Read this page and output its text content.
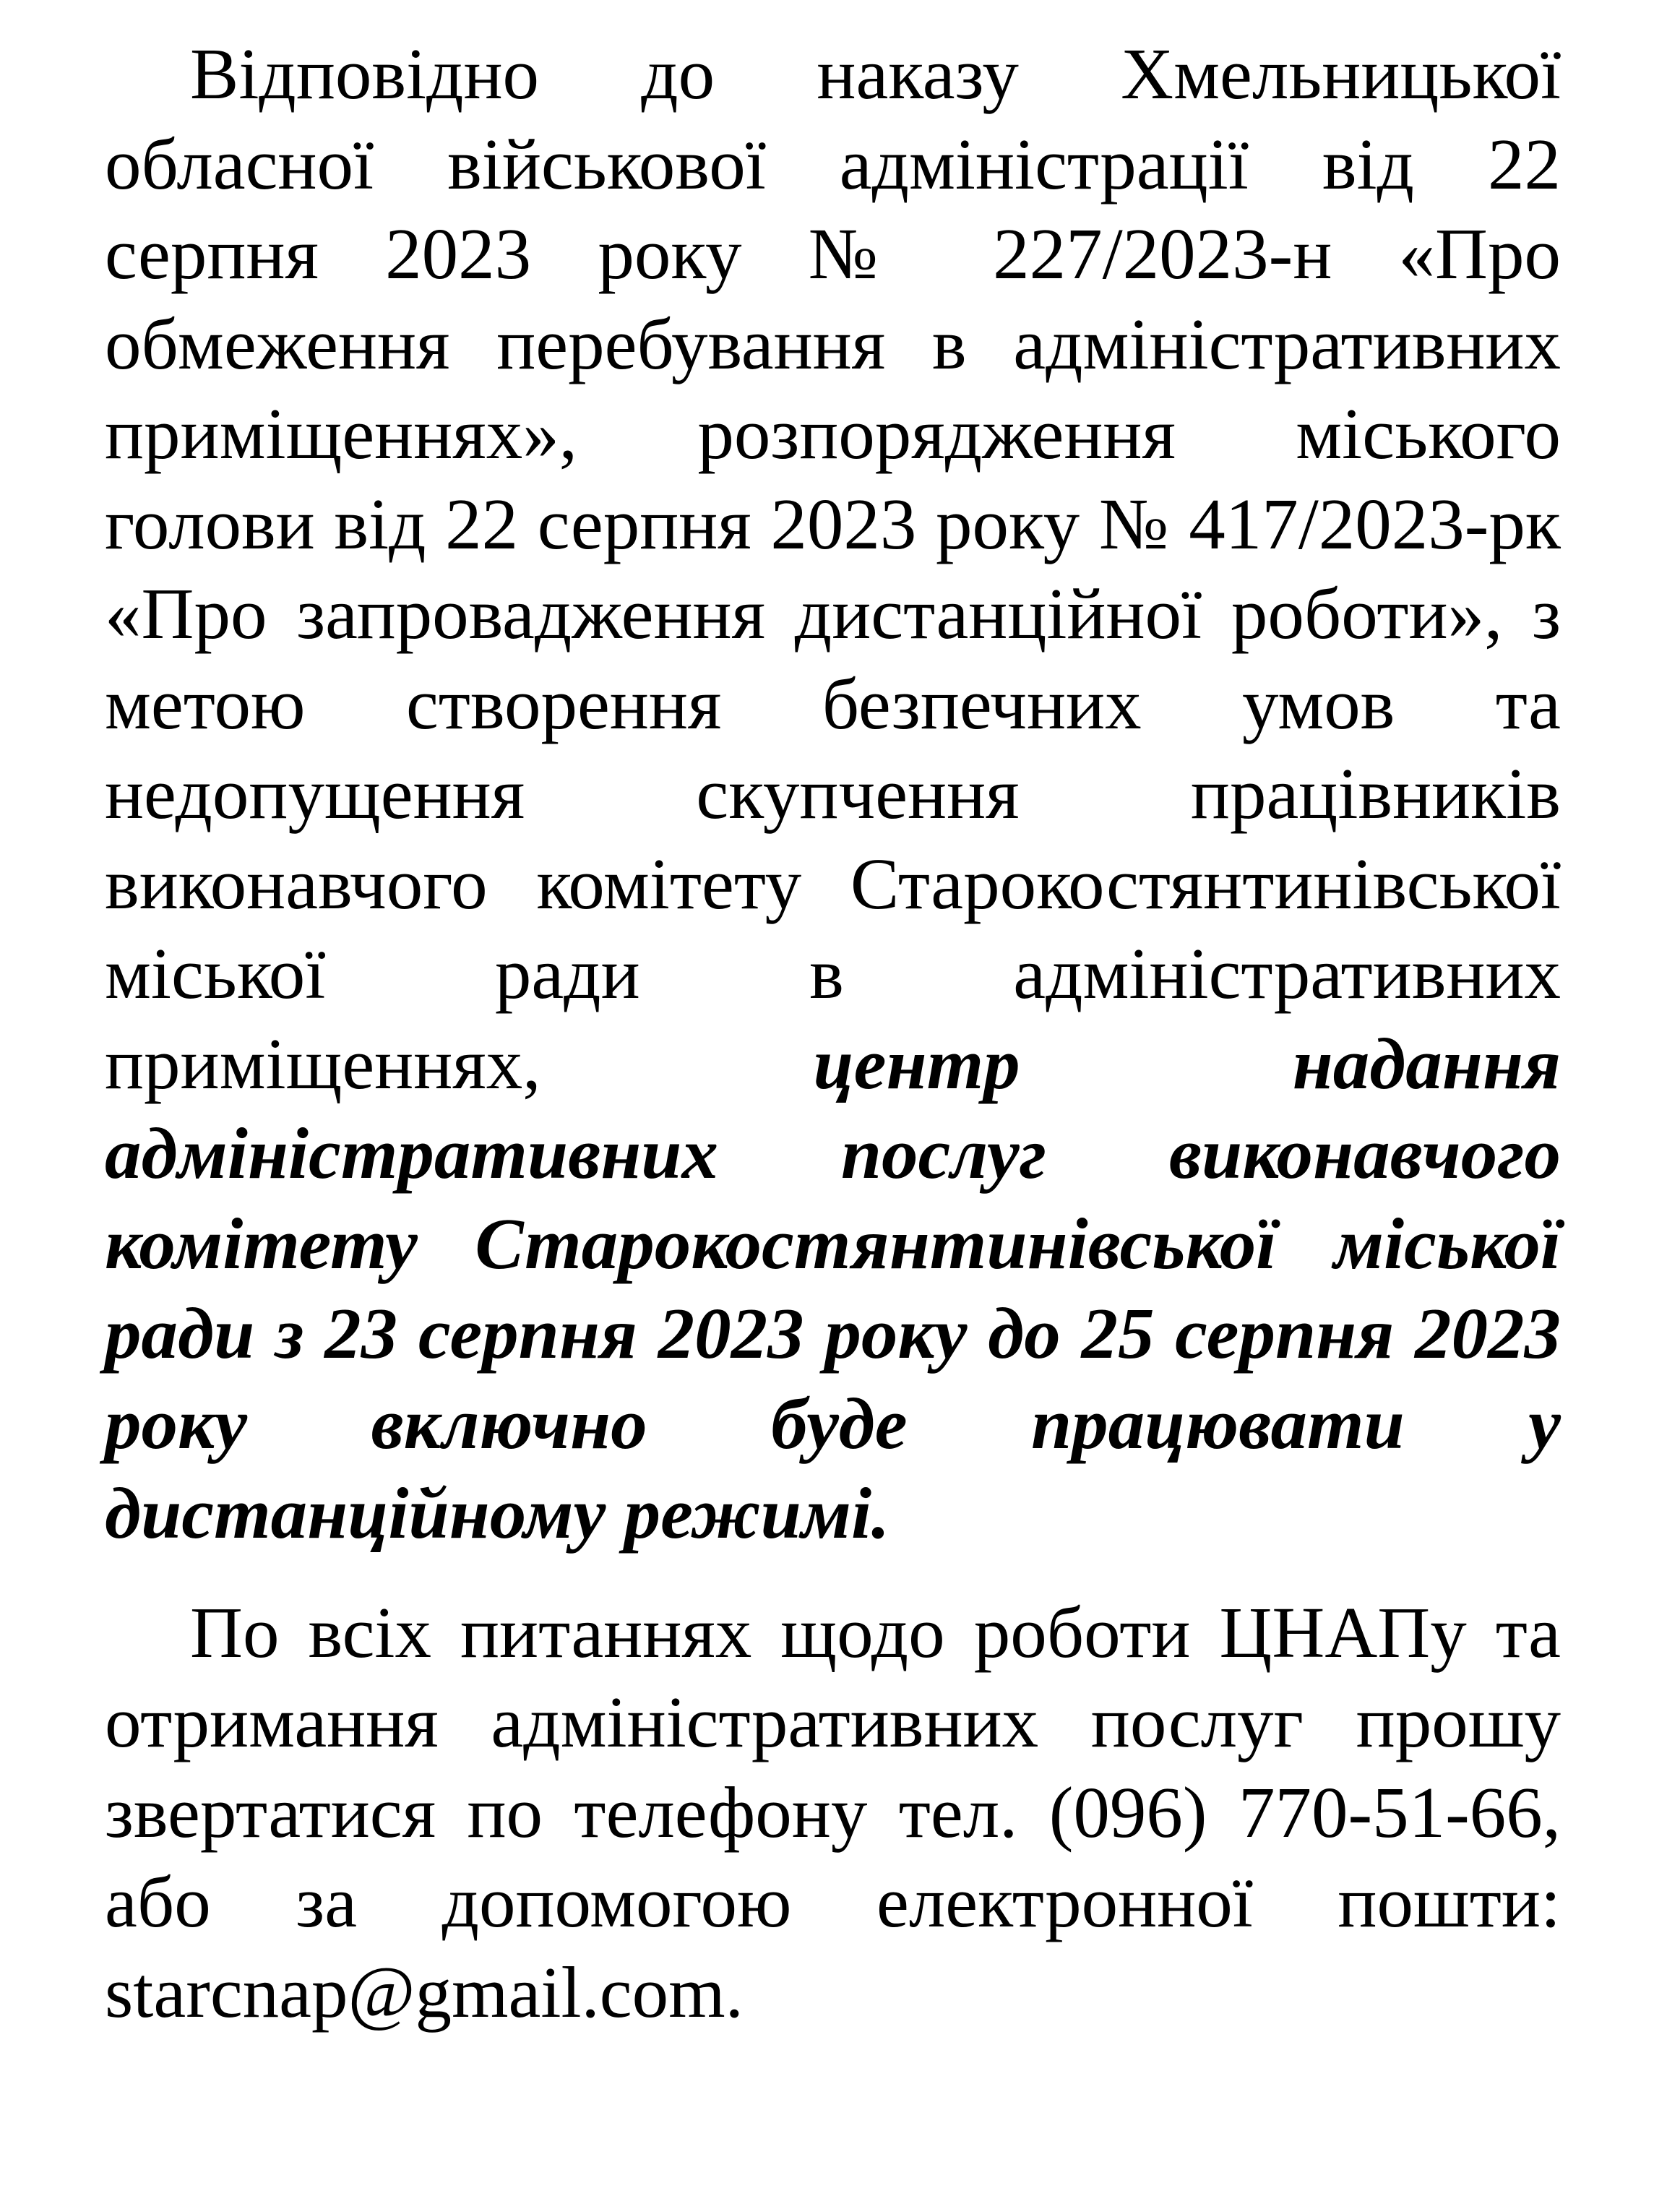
Відповідно до наказу Хмельницької обласної військової адміністрації від 22 серпня 2023 року № 227/2023-н «Про обмеження перебування в адміністративних приміщеннях», розпорядження міського голови від 22 серпня 2023 року № 417/2023-рк «Про запровадження дистанційної роботи», з метою створення безпечних умов та недопущення скупчення працівників виконавчого комітету Старокостянтинівської міської ради в адміністративних приміщеннях,	центр надання адміністративних послуг виконавчого комітету Старокостянтинівської міської ради з 23 серпня 2023 року до 25 серпня 2023 року включно буде працювати у дистанційному режимі.

По всіх питаннях щодо роботи ЦНАПу та отримання адміністративних послуг прошу звертатися по телефону тел. (096) 770-51-66, або за допомогою електронної пошти: starcnap@gmail.com.
